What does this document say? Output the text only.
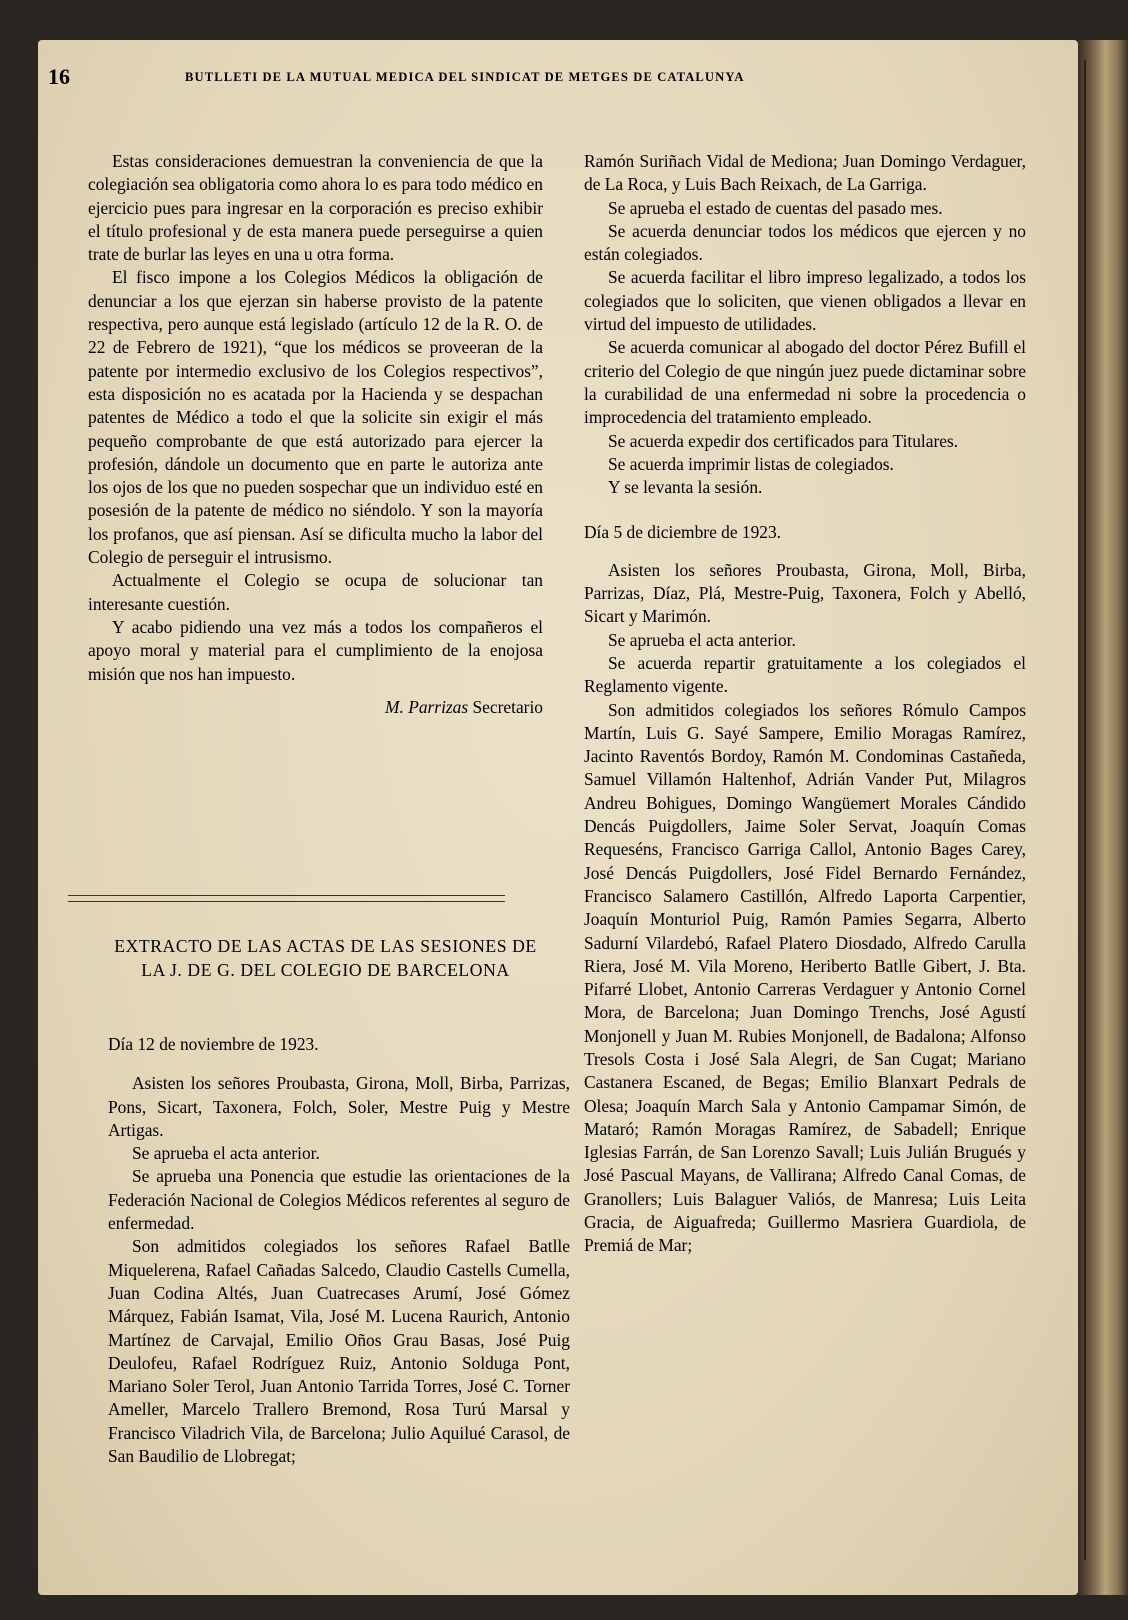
16	BUTLLETI DE LA MUTUAL MEDICA DEL SINDICAT DE METGES DE CATALUNYA

Estas consideraciones demuestran la conveniencia de que la colegiación sea obligatoria como ahora lo es para todo médico en ejercicio pues para ingresar en la corporación es preciso exhibir el título profesional y de esta manera puede perseguirse a quien trate de burlar las leyes en una u otra forma.

El fisco impone a los Colegios Médicos la obligación de denunciar a los que ejerzan sin haberse provisto de la patente respectiva, pero aunque está legislado (artículo 12 de la R. O. de 22 de Febrero de 1921), “que los médicos se proveeran de la patente por intermedio exclusivo de los Colegios respectivos”, esta disposición no es acatada por la Hacienda y se despachan patentes de Médico a todo el que la solicite sin exigir el más pequeño comprobante de que está autorizado para ejercer la profesión, dándole un documento que en parte le autoriza ante los ojos de los que no pueden sospechar que un individuo esté en posesión de la patente de médico no siéndolo. Y son la mayoría los profanos, que así piensan. Así se dificulta mucho la labor del Colegio de perseguir el intrusismo.

Actualmente el Colegio se ocupa de solucionar tan interesante cuestión.

Y acabo pidiendo una vez más a todos los compañeros el apoyo moral y material para el cumplimiento de la enojosa misión que nos han impuesto.

M. Parrizas Secretario
EXTRACTO DE LAS ACTAS DE LAS SESIONES DE LA J. DE G. DEL COLEGIO DE BARCELONA

Día 12 de noviembre de 1923.

Asisten los señores Proubasta, Girona, Moll, Birba, Parrizas, Pons, Sicart, Taxonera, Folch, Soler, Mestre Puig y Mestre Artigas.

Se aprueba el acta anterior.

Se aprueba una Ponencia que estudie las orientaciones de la Federación Nacional de Colegios Médicos referentes al seguro de enfermedad.

Son admitidos colegiados los señores Rafael Batlle Miquelerena, Rafael Cañadas Salcedo, Claudio Castells Cumella, Juan Codina Altés, Juan Cuatrecases Arumí, José Gómez Márquez, Fabián Isamat, Vila, José M. Lucena Raurich, Antonio Martínez de Carvajal, Emilio Oños Grau Basas, José Puig Deulofeu, Rafael Rodríguez Ruiz, Antonio Solduga Pont, Mariano Soler Terol, Juan Antonio Tarrida Torres, José C. Torner Ameller, Marcelo Trallero Bremond, Rosa Turú Marsal y Francisco Viladrich Vila, de Barcelona; Julio Aquilué Carasol, de San Baudilio de Llobregat;

Ramón Suriñach Vidal de Mediona; Juan Domingo Verdaguer, de La Roca, y Luis Bach Reixach, de La Garriga.

Se aprueba el estado de cuentas del pasado mes.

Se acuerda denunciar todos los médicos que ejercen y no están colegiados.

Se acuerda facilitar el libro impreso legalizado, a todos los colegiados que lo soliciten, que vienen obligados a llevar en virtud del impuesto de utilidades.

Se acuerda comunicar al abogado del doctor Pérez Bufill el criterio del Colegio de que ningún juez puede dictaminar sobre la curabilidad de una enfermedad ni sobre la procedencia o improcedencia del tratamiento empleado.

Se acuerda expedir dos certificados para Titulares.

Se acuerda imprimir listas de colegiados.

Y se levanta la sesión.

Día 5 de diciembre de 1923.

Asisten los señores Proubasta, Girona, Moll, Birba, Parrizas, Díaz, Plá, Mestre-Puig, Taxonera, Folch y Abelló, Sicart y Marimón.

Se aprueba el acta anterior.

Se acuerda repartir gratuitamente a los colegiados el Reglamento vigente.

Son admitidos colegiados los señores Rómulo Campos Martín, Luis G. Sayé Sampere, Emilio Moragas Ramírez, Jacinto Raventós Bordoy, Ramón M. Condominas Castañeda, Samuel Villamón Haltenhof, Adrián Vander Put, Milagros Andreu Bohigues, Domingo Wangüemert Morales Cándido Dencás Puigdollers, Jaime Soler Servat, Joaquín Comas Requeséns, Francisco Garriga Callol, Antonio Bages Carey, José Dencás Puigdollers, José Fidel Bernardo Fernández, Francisco Salamero Castillón, Alfredo Laporta Carpentier, Joaquín Monturiol Puig, Ramón Pamies Segarra, Alberto Sadurní Vilardebó, Rafael Platero Diosdado, Alfredo Carulla Riera, José M. Vila Moreno, Heriberto Batlle Gibert, J. Bta. Pifarré Llobet, Antonio Carreras Verdaguer y Antonio Cornel Mora, de Barcelona; Juan Domingo Trenchs, José Agustí Monjonell y Juan M. Rubies Monjonell, de Badalona; Alfonso Tresols Costa i José Sala Alegri, de San Cugat; Mariano Castanera Escaned, de Begas; Emilio Blanxart Pedrals de Olesa; Joaquín March Sala y Antonio Campamar Simón, de Mataró; Ramón Moragas Ramírez, de Sabadell; Enrique Iglesias Farrán, de San Lorenzo Savall; Luis Julián Brugués y José Pascual Mayans, de Vallirana; Alfredo Canal Comas, de Granollers; Luis Balaguer Valiós, de Manresa; Luis Leita Gracia, de Aiguafreda; Guillermo Masriera Guardiola, de Premiá de Mar;
